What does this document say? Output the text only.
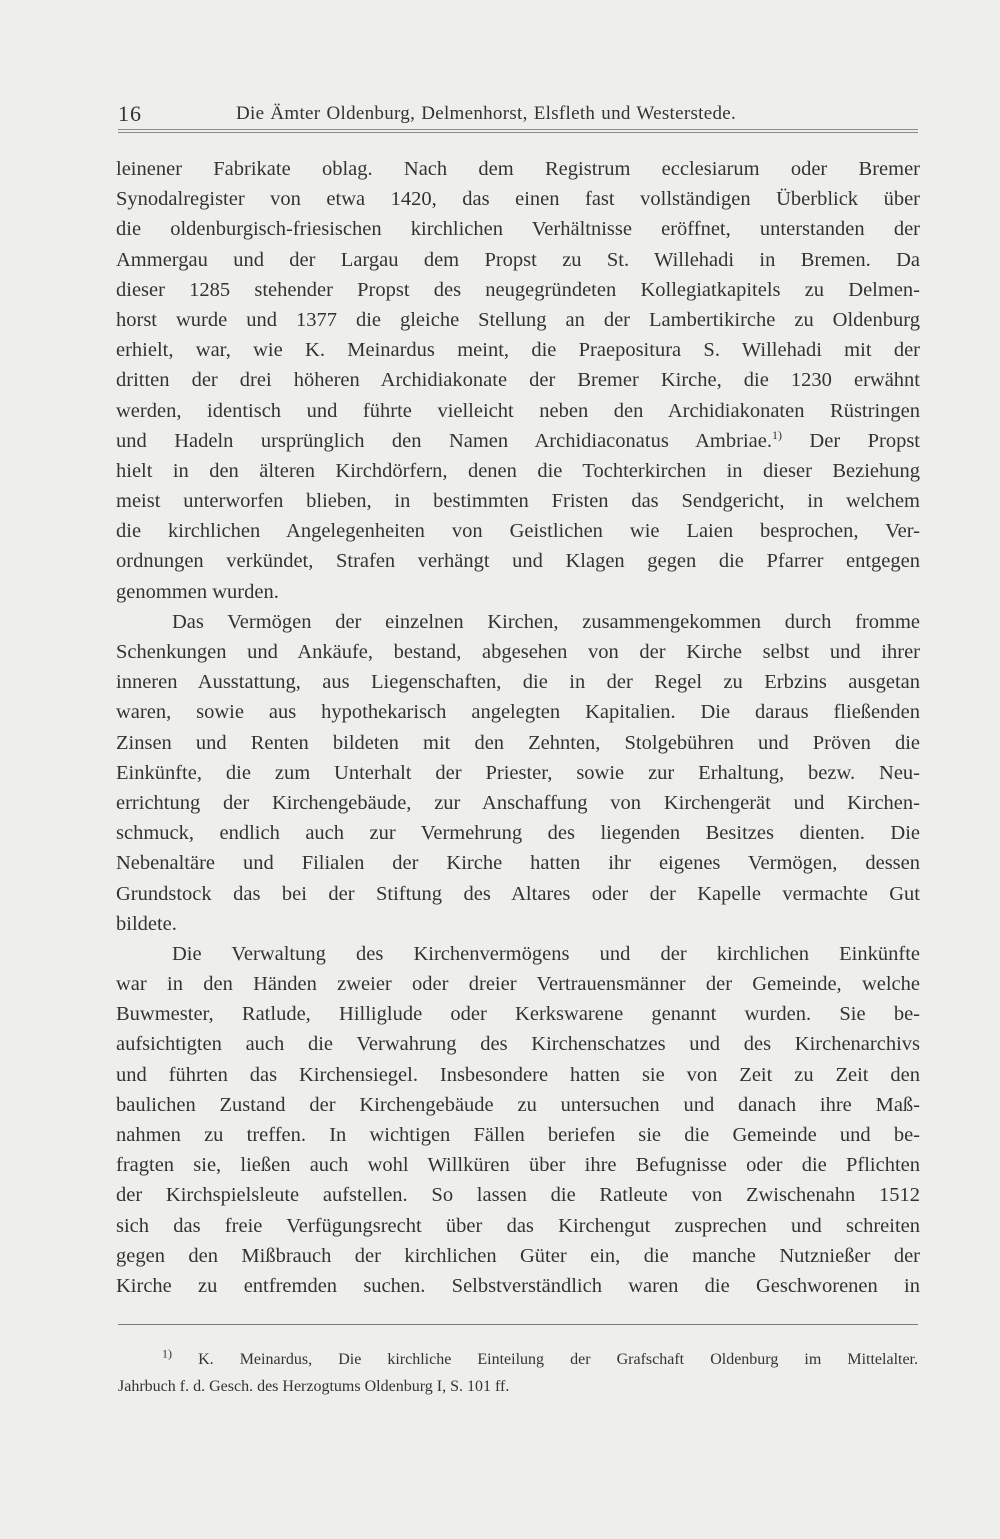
16	Die Ämter Oldenburg, Delmenhorst, Elsfleth und Westerstede.
leinener Fabrikate oblag. Nach dem Registrum ecclesiarum oder Bremer
Synodalregister von etwa 1420, das einen fast vollständigen Überblick über
die oldenburgisch-friesischen kirchlichen Verhältnisse eröffnet, unterstanden der
Ammergau und der Largau dem Propst zu St. Willehadi in Bremen. Da
dieser 1285 stehender Propst des neugegründeten Kollegiatkapitels zu Delmen-
horst wurde und 1377 die gleiche Stellung an der Lambertikirche zu Oldenburg
erhielt, war, wie K. Meinardus meint, die Praepositura S. Willehadi mit der
dritten der drei höheren Archidiakonate der Bremer Kirche, die 1230 erwähnt
werden, identisch und führte vielleicht neben den Archidiakonaten Rüstringen
und Hadeln ursprünglich den Namen Archidiaconatus Ambriae.$^{1)}$ Der Propst
hielt in den älteren Kirchdörfern, denen die Tochterkirchen in dieser Beziehung
meist unterworfen blieben, in bestimmten Fristen das Sendgericht, in welchem
die kirchlichen Angelegenheiten von Geistlichen wie Laien besprochen, Ver-
ordnungen verkündet, Strafen verhängt und Klagen gegen die Pfarrer entgegen
genommen wurden.
Das Vermögen der einzelnen Kirchen, zusammengekommen durch fromme
Schenkungen und Ankäufe, bestand, abgesehen von der Kirche selbst und ihrer
inneren Ausstattung, aus Liegenschaften, die in der Regel zu Erbzins ausgetan
waren, sowie aus hypothekarisch angelegten Kapitalien. Die daraus fließenden
Zinsen und Renten bildeten mit den Zehnten, Stolgebühren und Pröven die
Einkünfte, die zum Unterhalt der Priester, sowie zur Erhaltung, bezw. Neu-
errichtung der Kirchengebäude, zur Anschaffung von Kirchengerät und Kirchen-
schmuck, endlich auch zur Vermehrung des liegenden Besitzes dienten. Die
Nebenaltäre und Filialen der Kirche hatten ihr eigenes Vermögen, dessen
Grundstock das bei der Stiftung des Altares oder der Kapelle vermachte Gut
bildete.
Die Verwaltung des Kirchenvermögens und der kirchlichen Einkünfte
war in den Händen zweier oder dreier Vertrauensmänner der Gemeinde, welche
Buwmester, Ratlude, Hilliglude oder Kerkswarene genannt wurden. Sie be-
aufsichtigten auch die Verwahrung des Kirchenschatzes und des Kirchenarchivs
und führten das Kirchensiegel. Insbesondere hatten sie von Zeit zu Zeit den
baulichen Zustand der Kirchengebäude zu untersuchen und danach ihre Maß-
nahmen zu treffen. In wichtigen Fällen beriefen sie die Gemeinde und be-
fragten sie, ließen auch wohl Willküren über ihre Befugnisse oder die Pflichten
der Kirchspielsleute aufstellen. So lassen die Ratleute von Zwischenahn 1512
sich das freie Verfügungsrecht über das Kirchengut zusprechen und schreiten
gegen den Mißbrauch der kirchlichen Güter ein, die manche Nutznießer der
Kirche zu entfremden suchen. Selbstverständlich waren die Geschworenen in
$^{1)}$ K. Meinardus, Die kirchliche Einteilung der Grafschaft Oldenburg im Mittelalter.
Jahrbuch f. d. Gesch. des Herzogtums Oldenburg I, S. 101 ff.
